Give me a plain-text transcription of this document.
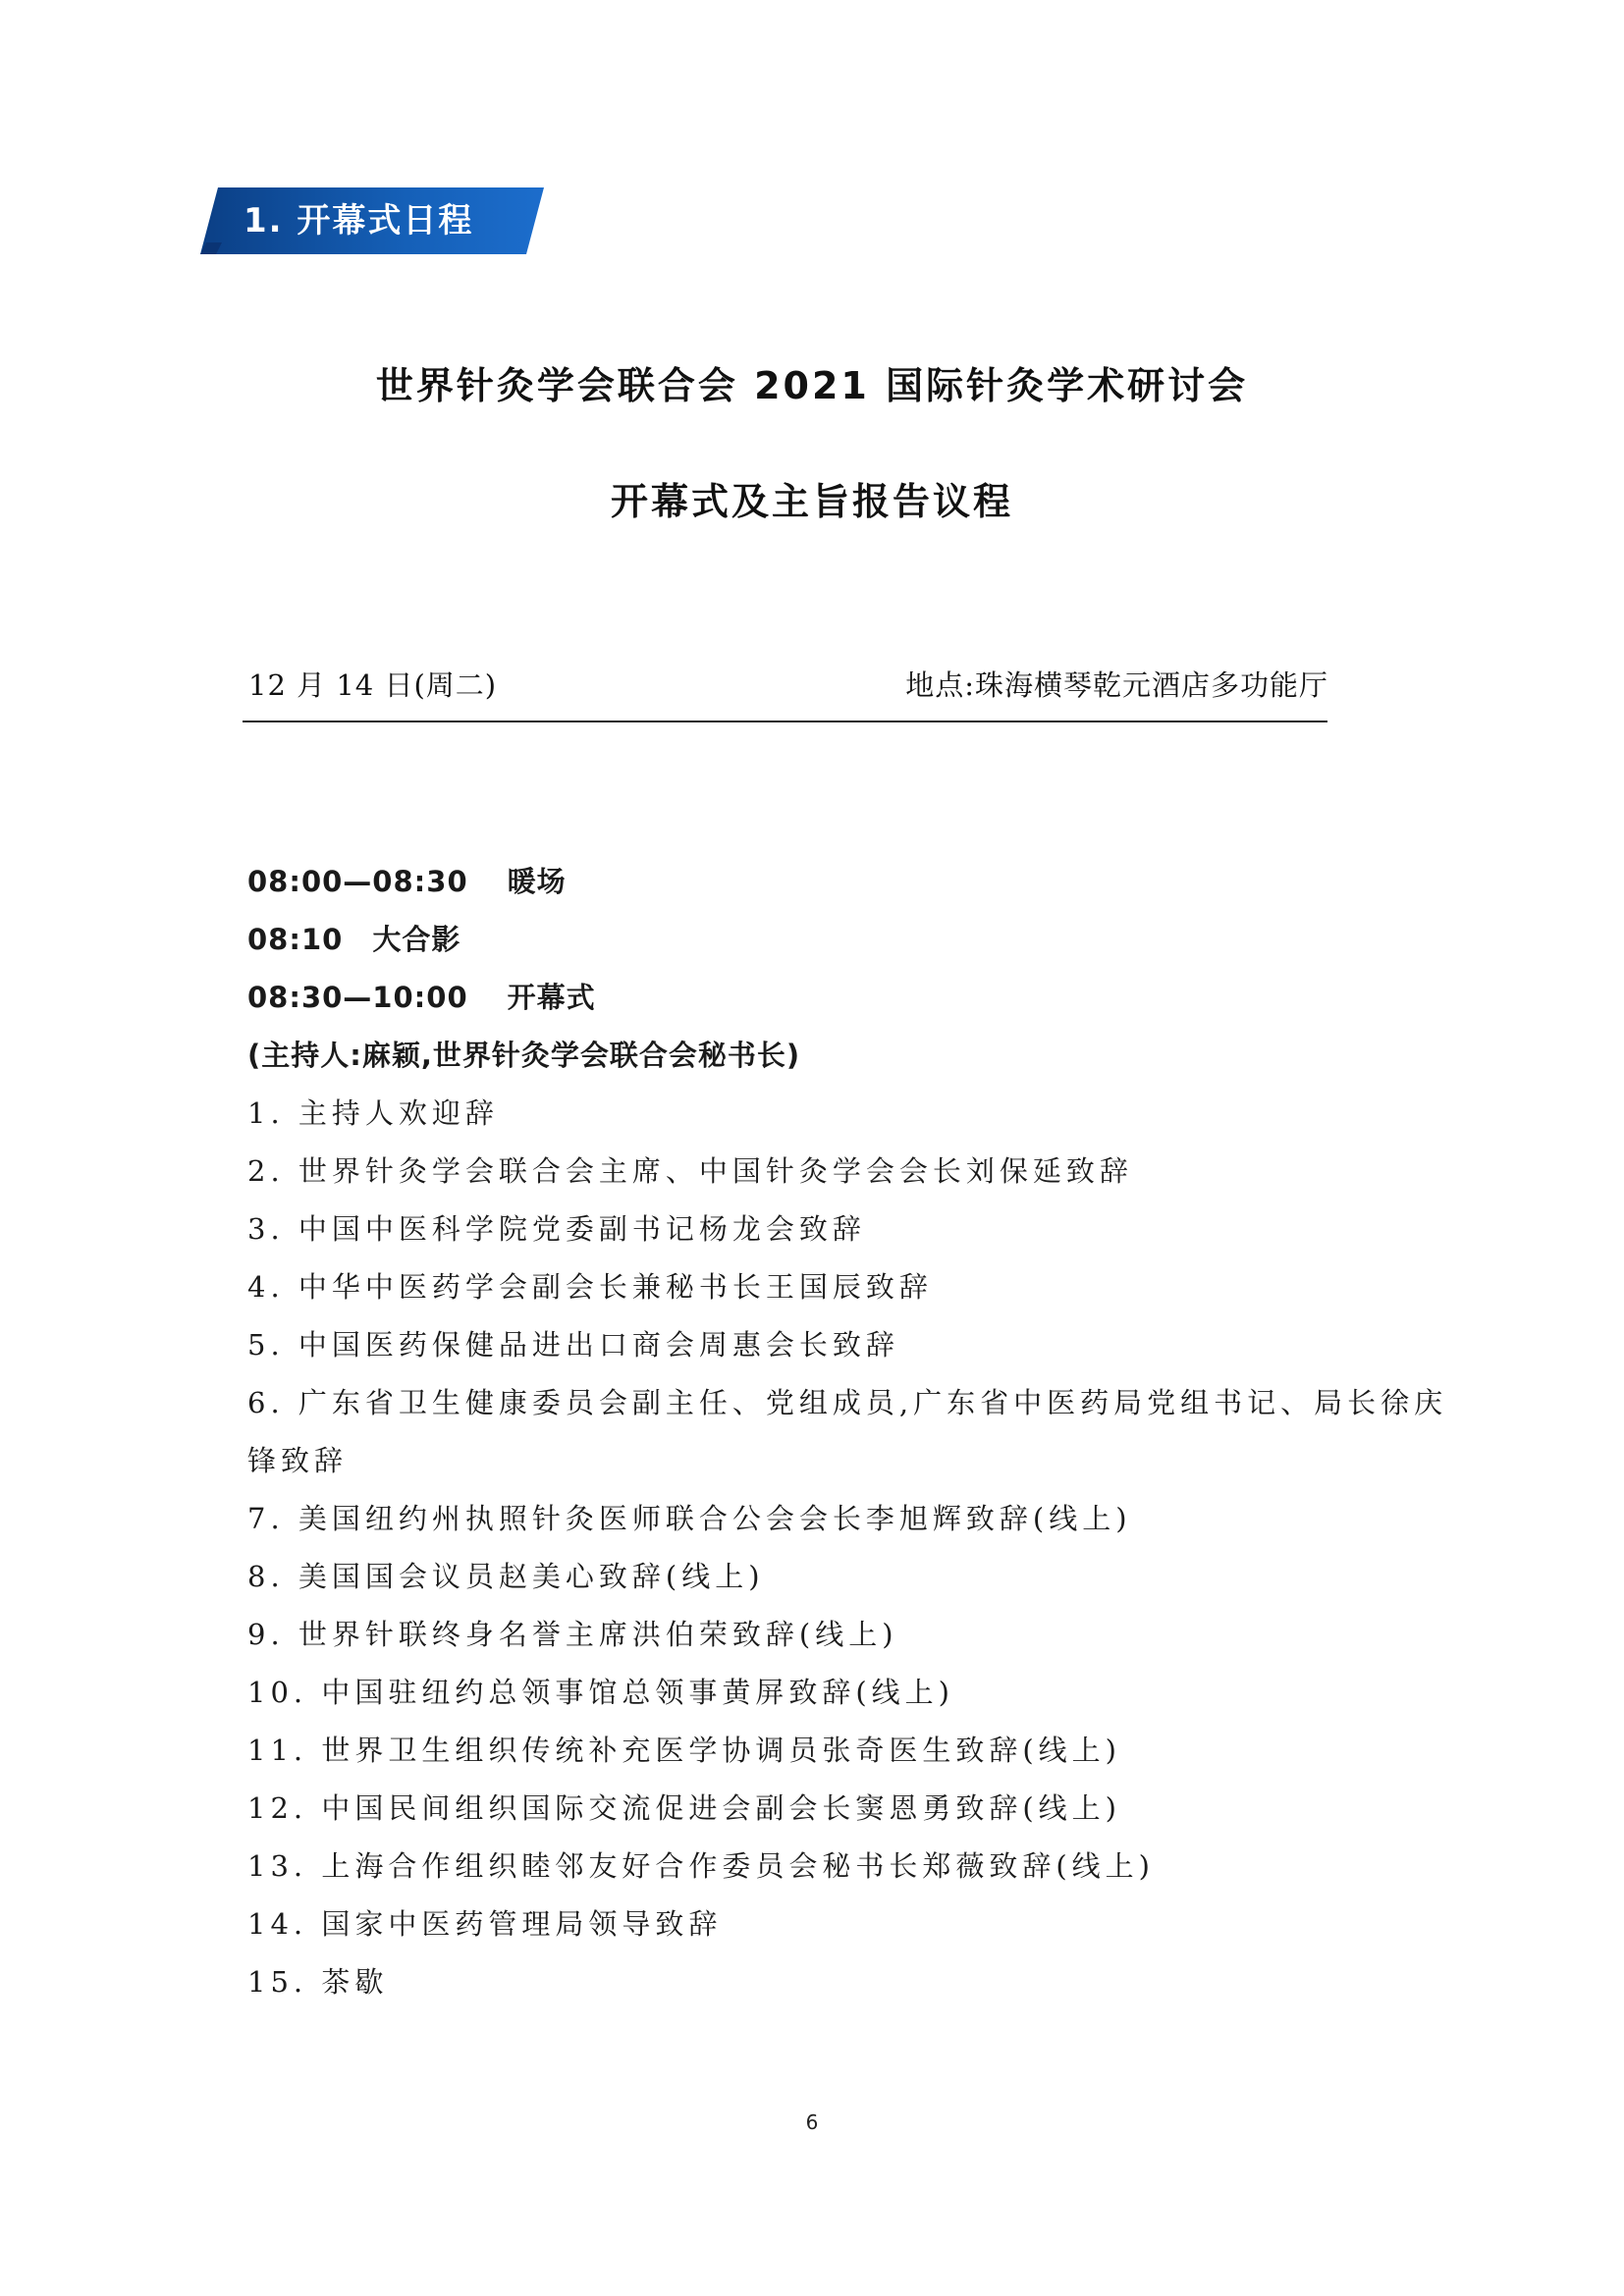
1. 开幕式日程
世界针灸学会联合会 2021 国际针灸学术研讨会
开幕式及主旨报告议程
12 月 14 日(周二)	地点:珠海横琴乾元酒店多功能厅
08:00—08:30 暖场
08:10 大合影
08:30—10:00 开幕式
(主持人:麻颖,世界针灸学会联合会秘书长)
1. 主持人欢迎辞
2. 世界针灸学会联合会主席、中国针灸学会会长刘保延致辞
3. 中国中医科学院党委副书记杨龙会致辞
4. 中华中医药学会副会长兼秘书长王国辰致辞
5. 中国医药保健品进出口商会周惠会长致辞
6. 广东省卫生健康委员会副主任、党组成员,广东省中医药局党组书记、局长徐庆
锋致辞
7. 美国纽约州执照针灸医师联合公会会长李旭辉致辞(线上)
8. 美国国会议员赵美心致辞(线上)
9. 世界针联终身名誉主席洪伯荣致辞(线上)
10. 中国驻纽约总领事馆总领事黄屏致辞(线上)
11. 世界卫生组织传统补充医学协调员张奇医生致辞(线上)
12. 中国民间组织国际交流促进会副会长窦恩勇致辞(线上)
13. 上海合作组织睦邻友好合作委员会秘书长郑薇致辞(线上)
14. 国家中医药管理局领导致辞
15. 茶歇
6
